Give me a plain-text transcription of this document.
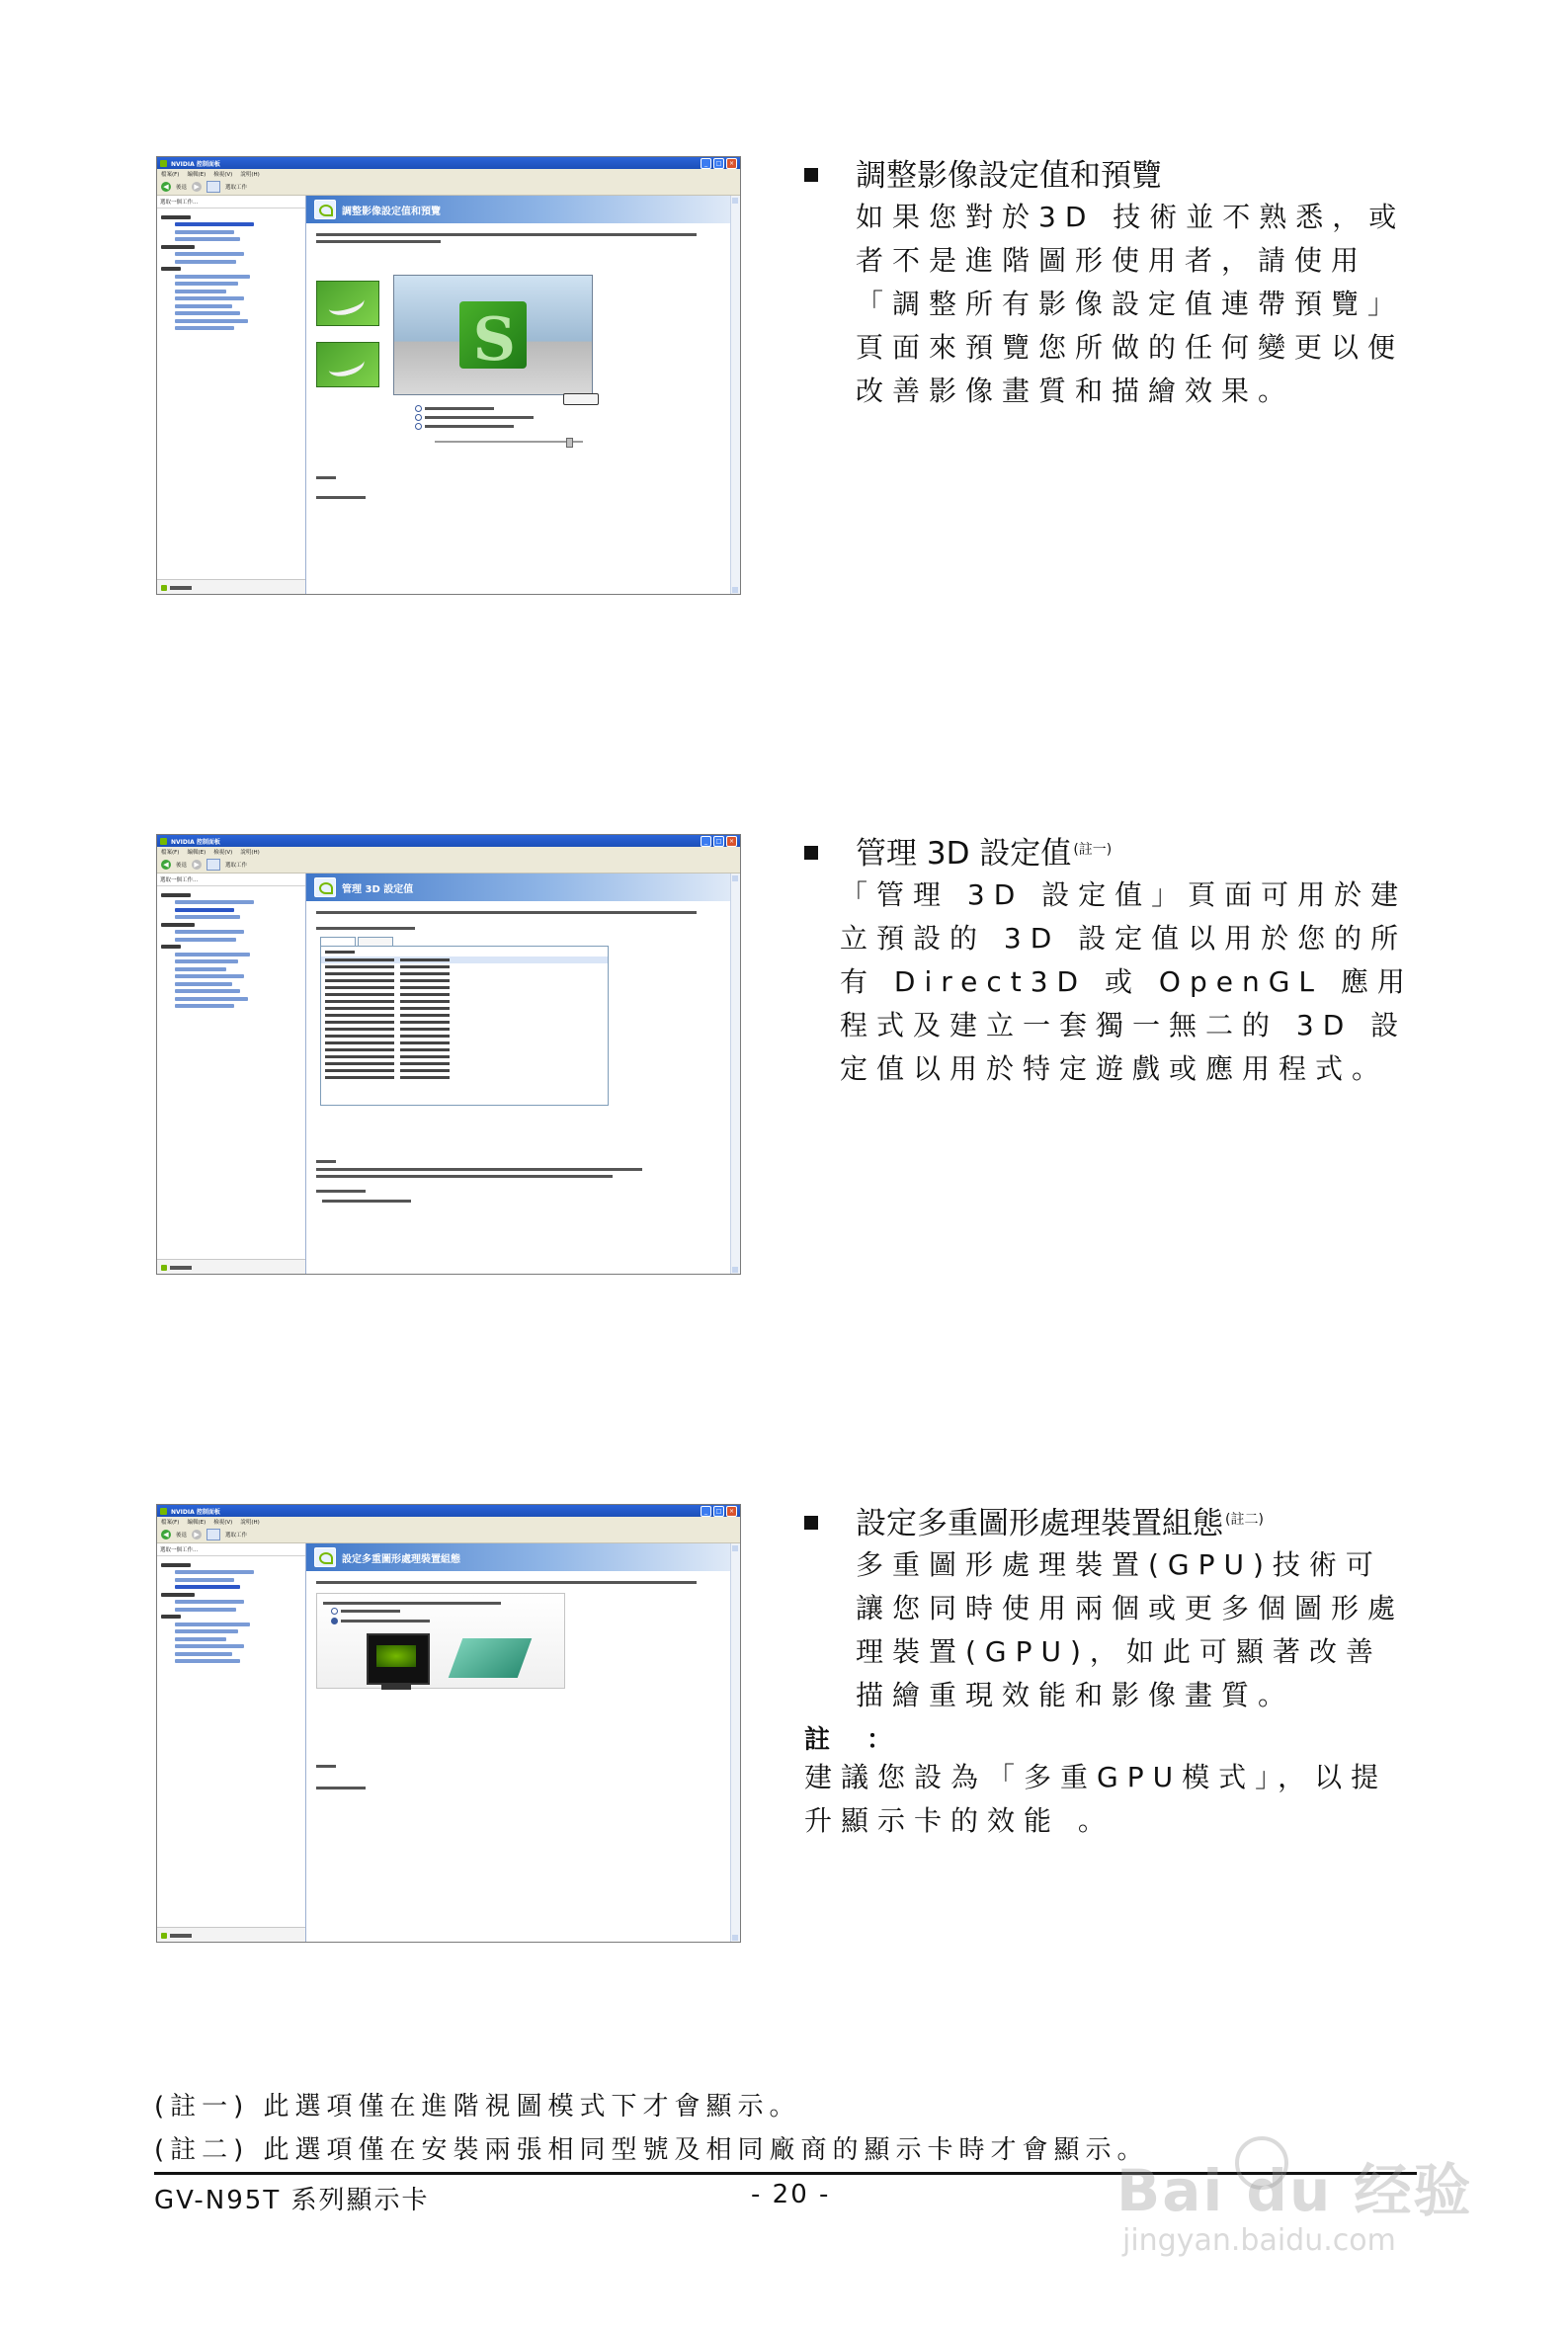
NVIDIA 控制面板	_	□	×
檔案(F) 編輯(E) 檢視(V) 說明(H)
◀	後退	▶	選取工作
選取一個工作...
調整影像設定值和預覽
S
調整影像設定值和預覽
如果您對於3D 技術並不熟悉，或者不是進階圖形使用者，請使用「調整所有影像設定值連帶預覽」頁面來預覽您所做的任何變更以便改善影像畫質和描繪效果。
NVIDIA 控制面板	_	□	×
檔案(F) 編輯(E) 檢視(V) 說明(H)
◀	後退	▶	選取工作
選取一個工作...
管理 3D 設定值
管理 3D 設定值$^{(註一)}$
「管理 3D 設定值」頁面可用於建立預設的 3D 設定值以用於您的所有 Direct3D 或 OpenGL 應用程式及建立一套獨一無二的 3D 設定值以用於特定遊戲或應用程式。
NVIDIA 控制面板	_	□	×
檔案(F) 編輯(E) 檢視(V) 說明(H)
◀	後退	▶	選取工作
選取一個工作...
設定多重圖形處理裝置組態
設定多重圖形處理裝置組態$^{(註二)}$
多重圖形處理裝置(GPU)技術可讓您同時使用兩個或更多個圖形處理裝置(GPU)，如此可顯著改善描繪重現效能和影像畫質。
註 ：
建議您設為「多重GPU模式」，以提升顯示卡的效能 。
(註一) 此選項僅在進階視圖模式下才會顯示。
(註二) 此選項僅在安裝兩張相同型號及相同廠商的顯示卡時才會顯示。
GV-N95T 系列顯示卡	- 20 -	Bai du 经验
jingyan.baidu.com
